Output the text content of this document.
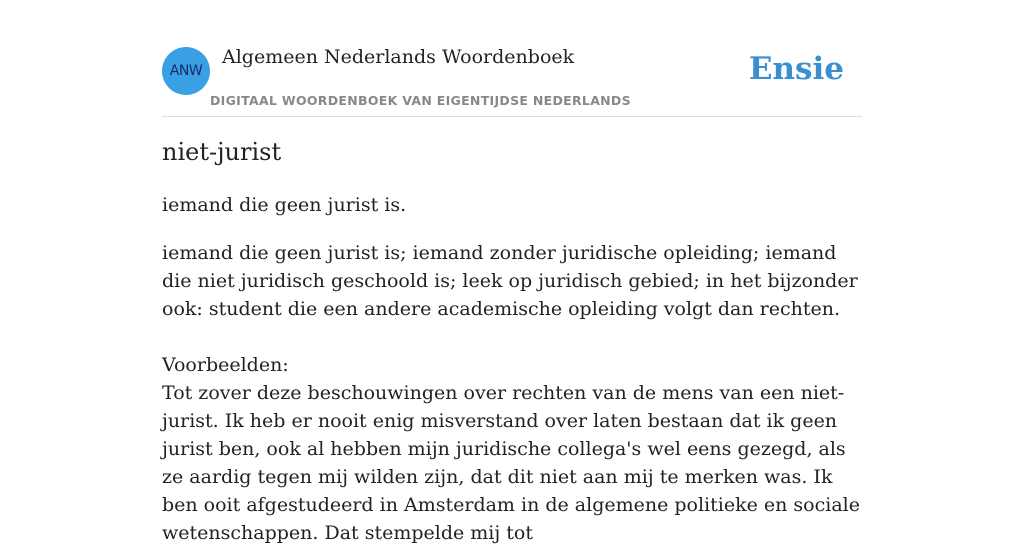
ANW
Algemeen Nederlands Woordenboek
DIGITAAL WOORDENBOEK VAN EIGENTIJDSE NEDERLANDS
Ensie
niet-jurist
iemand die geen jurist is.

iemand die geen jurist is; iemand zonder juridische opleiding; iemand die niet juridisch geschoold is; leek op juridisch gebied; in het bijzonder ook: student die een andere academische opleiding volgt dan rechten.

Voorbeelden:

Tot zover deze beschouwingen over rechten van de mens van een niet-jurist. Ik heb er nooit enig misverstand over laten bestaan dat ik geen jurist ben, ook al hebben mijn juridische collega's wel eens gezegd, als ze aardig tegen mij wilden zijn, dat dit niet aan mij te merken was. Ik ben ooit afgestudeerd in Amsterdam in de algemene politieke en sociale wetenschappen. Dat stempelde mij tot
